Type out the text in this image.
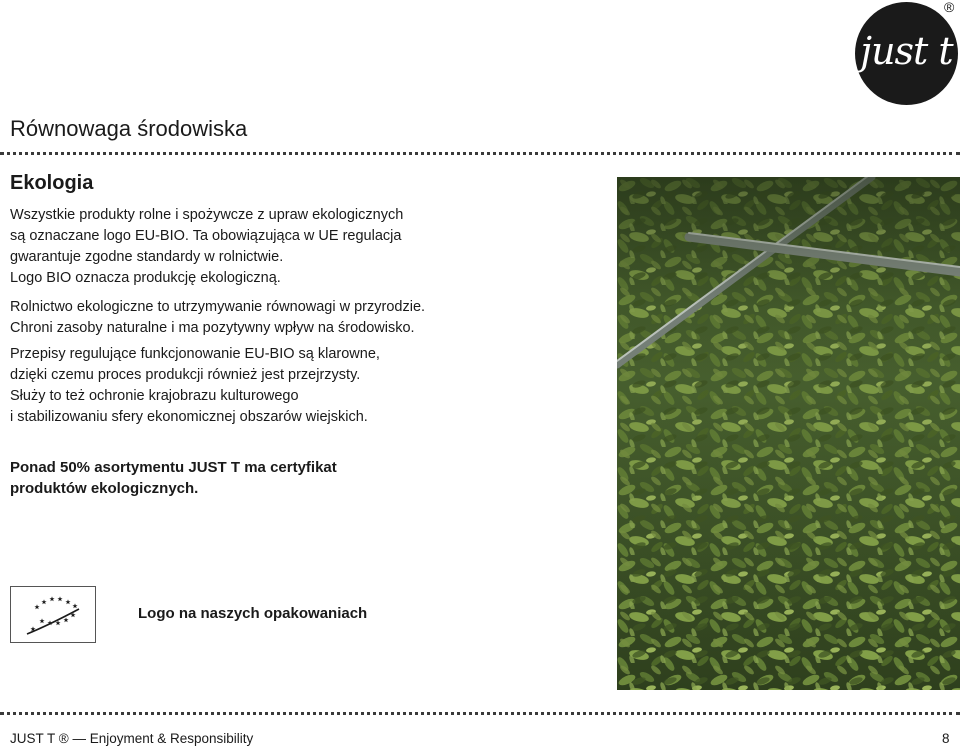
just t
®
Równowaga środowiska
Ekologia

Wszystkie produkty rolne i spożywcze z upraw ekologicznych
są oznaczane logo EU-BIO. Ta obowiązująca w UE regulacja
gwarantuje zgodne standardy w rolnictwie.
Logo BIO oznacza produkcję ekologiczną.

Rolnictwo ekologiczne to utrzymywanie równowagi w przyrodzie.
Chroni zasoby naturalne i ma pozytywny wpływ na środowisko.

Przepisy regulujące funkcjonowanie EU-BIO są klarowne,
dzięki czemu proces produkcji również jest przejrzysty.
Służy to też ochronie krajobrazu kulturowego
i stabilizowaniu sfery ekonomicznej obszarów wiejskich.

Ponad 50% asortymentu JUST T ma certyfikat
produktów ekologicznych.

Logo na naszych opakowaniach

JUST T ® — Enjoyment & Responsibility	8
